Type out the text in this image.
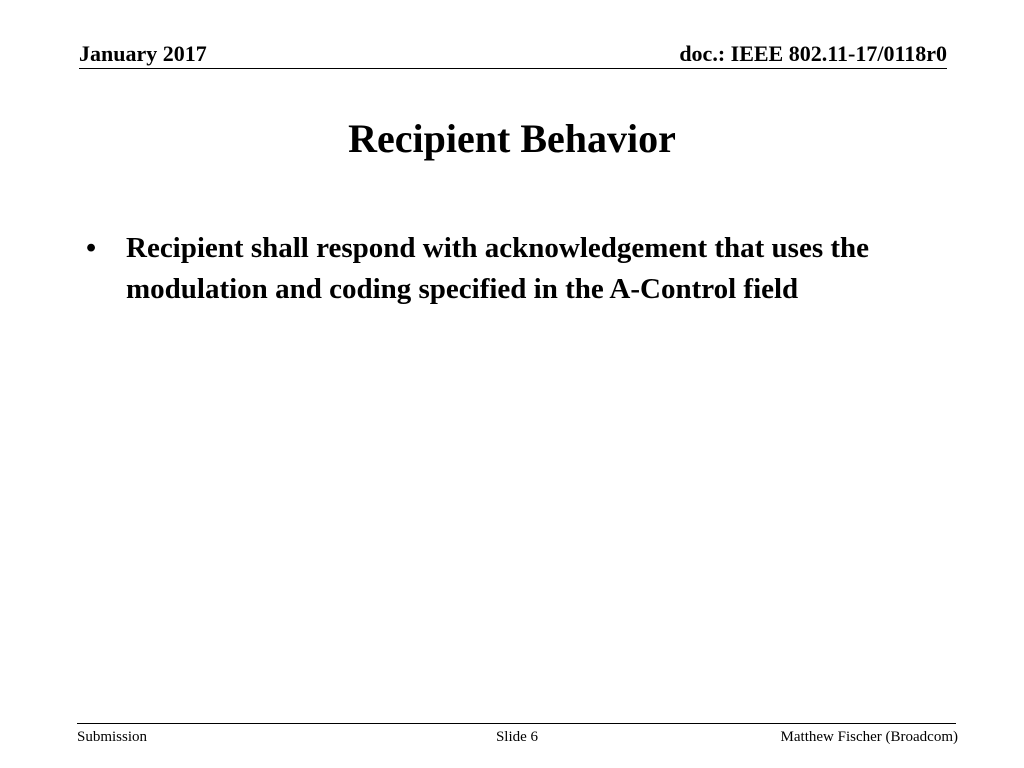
January 2017	doc.: IEEE 802.11-17/0118r0
Recipient Behavior
• Recipient shall respond with acknowledgement that uses the modulation and coding specified in the A-Control field
Submission	Slide 6	Matthew Fischer (Broadcom)
